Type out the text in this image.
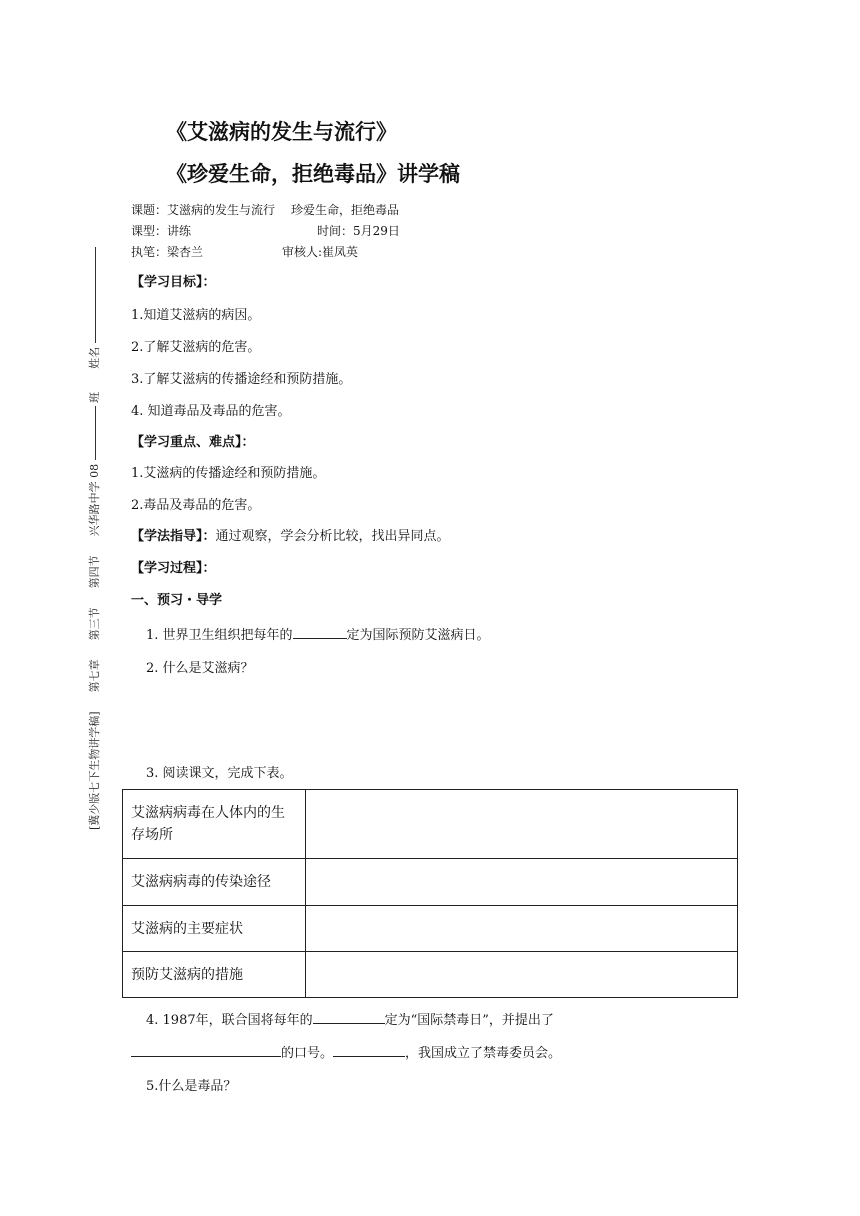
《艾滋病的发生与流行》
《珍爱生命，拒绝毒品》讲学稿
课题：艾滋病的发生与流行 珍爱生命，拒绝毒品
课型：讲练	时间：5月29日
执笔：梁杏兰	审核人:崔凤英
[冀少版七下生物讲学稿]  第七章  第三节  第四节  兴华路中学 08  班  姓名
【学习目标】：
1.知道艾滋病的病因。
2.了解艾滋病的危害。
3.了解艾滋病的传播途经和预防措施。
4. 知道毒品及毒品的危害。
【学习重点、难点】：
1.艾滋病的传播途经和预防措施。
2.毒品及毒品的危害。
【学法指导】：通过观察，学会分析比较，找出异同点。
【学习过程】：
一、预习・导学
1. 世界卫生组织把每年的	定为国际预防艾滋病日。
2. 什么是艾滋病？
3. 阅读课文，完成下表。
艾滋病病毒在人体内的生存场所	
艾滋病病毒的传染途径	
艾滋病的主要症状	
预防艾滋病的措施	
4. 1987年，联合国将每年的	定为“国际禁毒日”，并提出了
的口号。	，我国成立了禁毒委员会。
5.什么是毒品？
